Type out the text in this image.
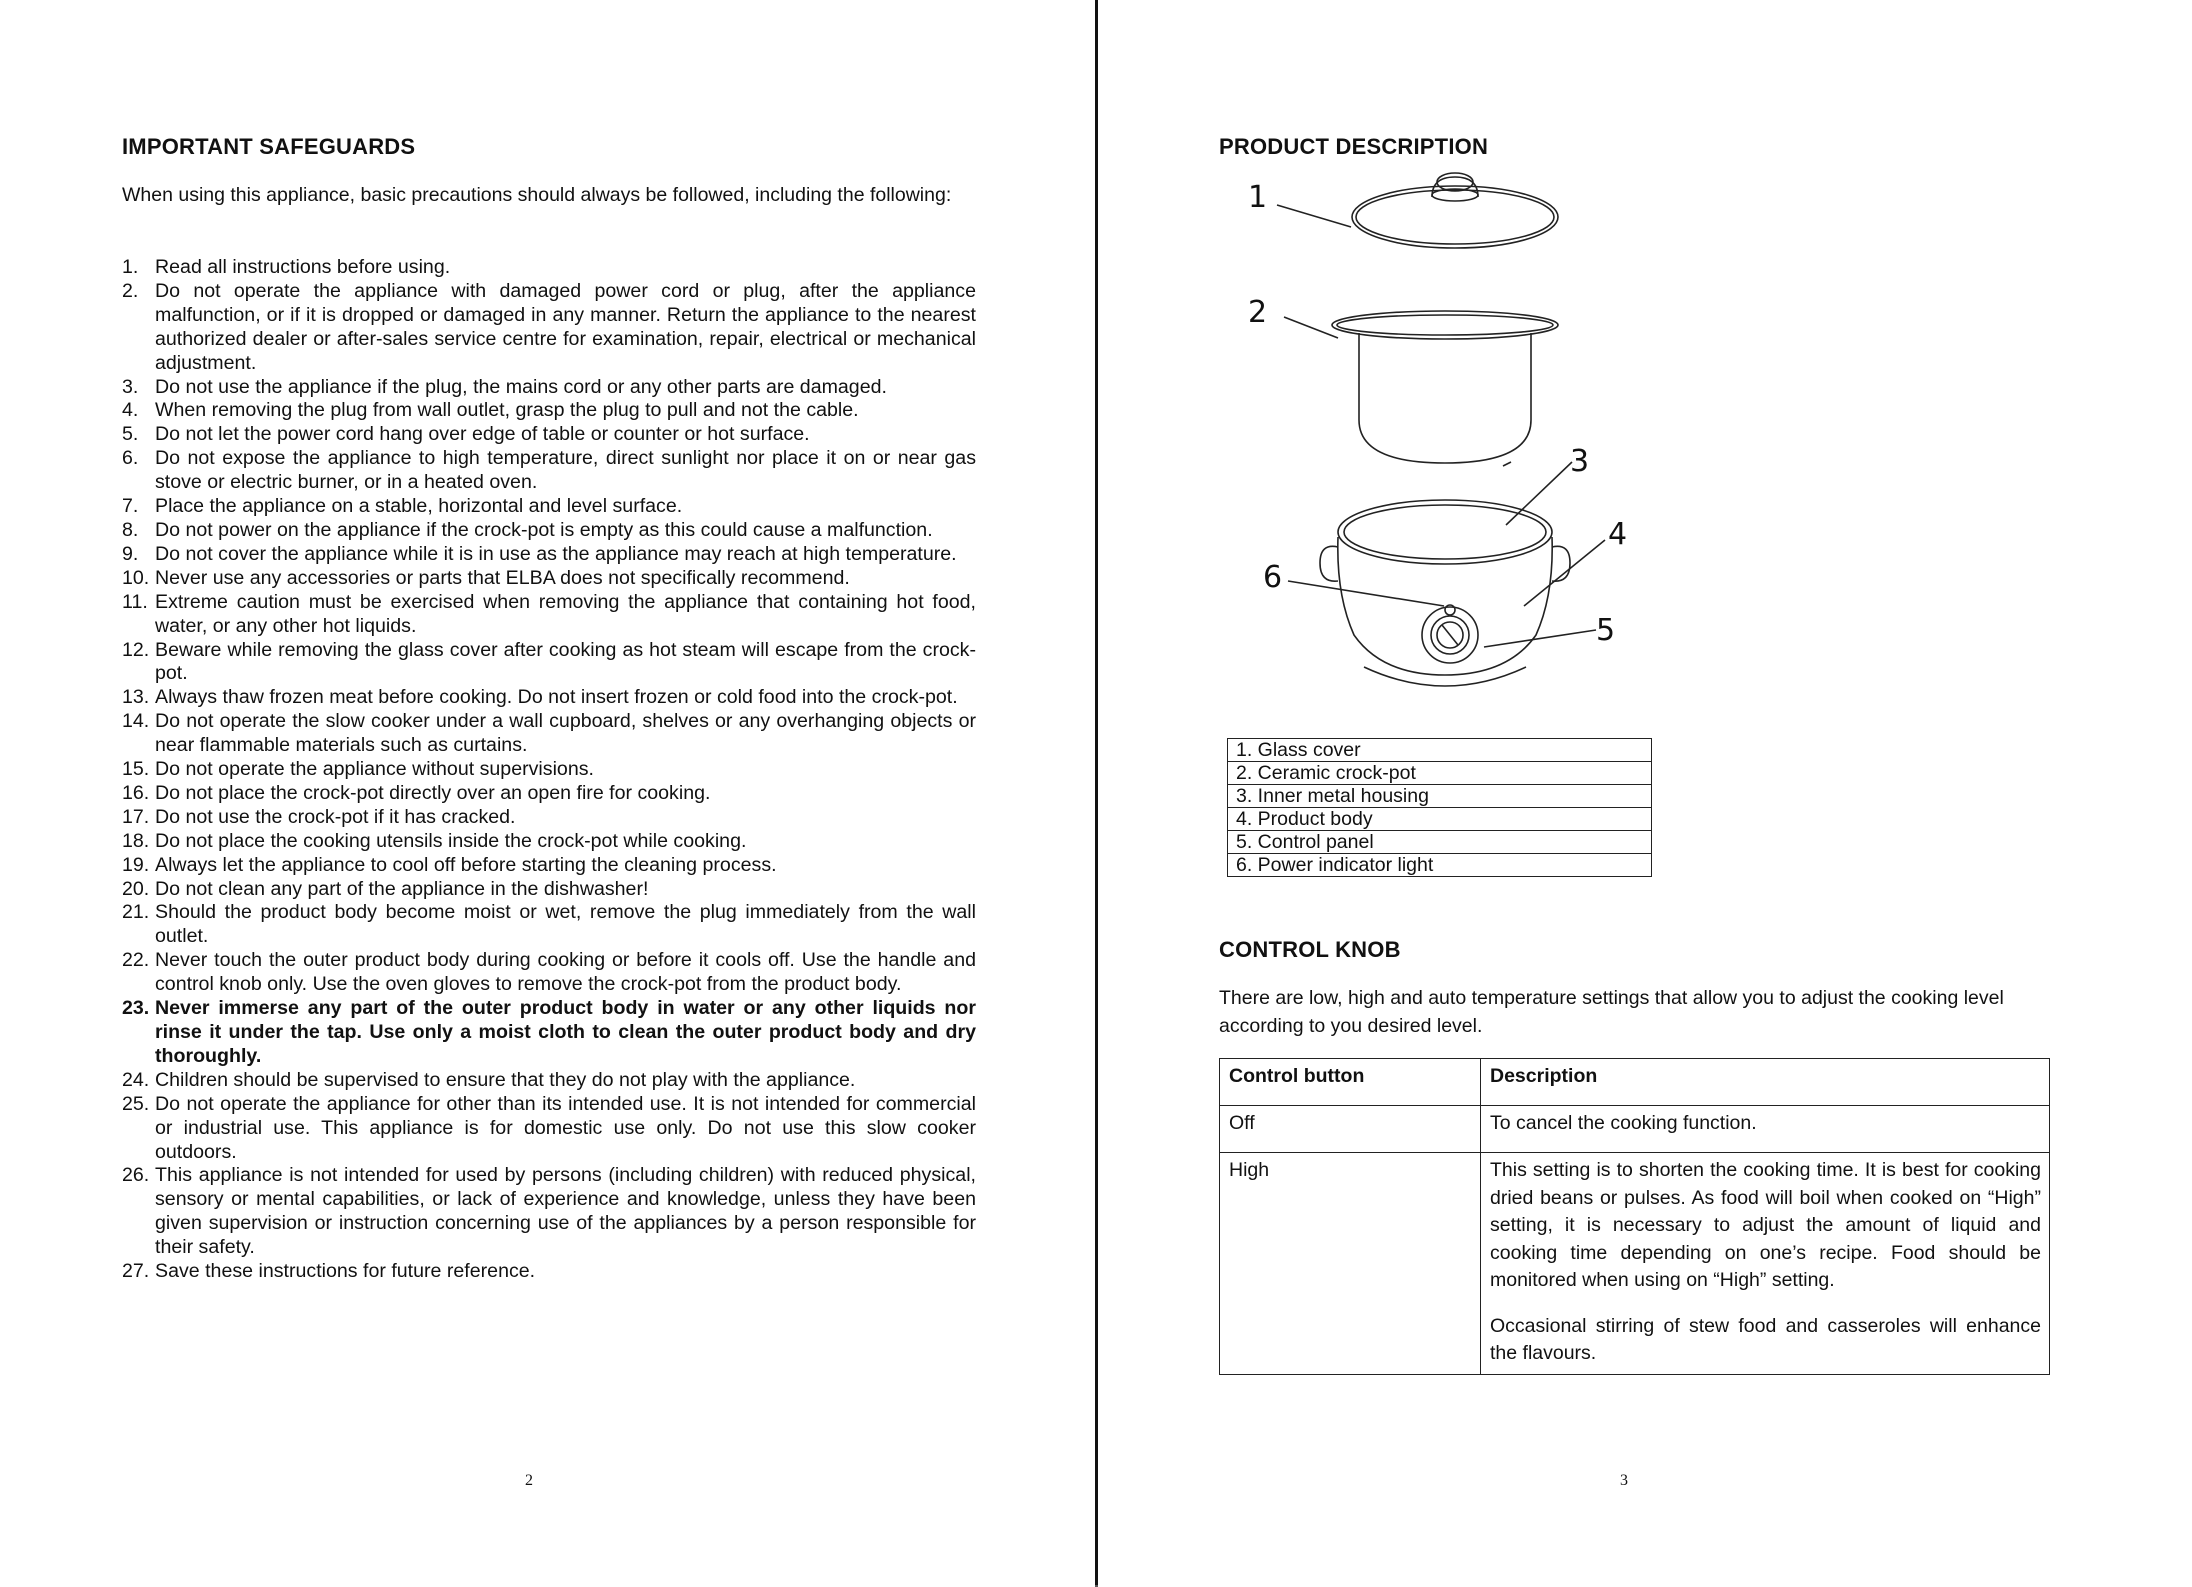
IMPORTANT SAFEGUARDS

When using this appliance, basic precautions should always be followed, including the following:

1. Read all instructions before using.
2. Do not operate the appliance with damaged power cord or plug, after the appliance malfunction, or if it is dropped or damaged in any manner. Return the appliance to the nearest authorized dealer or after-sales service centre for examination, repair, electrical or mechanical adjustment.
3. Do not use the appliance if the plug, the mains cord or any other parts are damaged.
4. When removing the plug from wall outlet, grasp the plug to pull and not the cable.
5. Do not let the power cord hang over edge of table or counter or hot surface.
6. Do not expose the appliance to high temperature, direct sunlight nor place it on or near gas stove or electric burner, or in a heated oven.
7. Place the appliance on a stable, horizontal and level surface.
8. Do not power on the appliance if the crock-pot is empty as this could cause a malfunction.
9. Do not cover the appliance while it is in use as the appliance may reach at high temperature.
10. Never use any accessories or parts that ELBA does not specifically recommend.
11. Extreme caution must be exercised when removing the appliance that containing hot food, water, or any other hot liquids.
12. Beware while removing the glass cover after cooking as hot steam will escape from the crock-pot.
13. Always thaw frozen meat before cooking. Do not insert frozen or cold food into the crock-pot.
14. Do not operate the slow cooker under a wall cupboard, shelves or any overhanging objects or near flammable materials such as curtains.
15. Do not operate the appliance without supervisions.
16. Do not place the crock-pot directly over an open fire for cooking.
17. Do not use the crock-pot if it has cracked.
18. Do not place the cooking utensils inside the crock-pot while cooking.
19. Always let the appliance to cool off before starting the cleaning process.
20. Do not clean any part of the appliance in the dishwasher!
21. Should the product body become moist or wet, remove the plug immediately from the wall outlet.
22. Never touch the outer product body during cooking or before it cools off. Use the handle and control knob only. Use the oven gloves to remove the crock-pot from the product body.
23. Never immerse any part of the outer product body in water or any other liquids nor rinse it under the tap. Use only a moist cloth to clean the outer product body and dry thoroughly.
24. Children should be supervised to ensure that they do not play with the appliance.
25. Do not operate the appliance for other than its intended use. It is not intended for commercial or industrial use. This appliance is for domestic use only. Do not use this slow cooker outdoors.
26. This appliance is not intended for used by persons (including children) with reduced physical, sensory or mental capabilities, or lack of experience and knowledge, unless they have been given supervision or instruction concerning use of the appliances by a person responsible for their safety.
27. Save these instructions for future reference.
2
PRODUCT DESCRIPTION
1
2
3
4
5
6
1. Glass cover
2. Ceramic crock-pot
3. Inner metal housing
4. Product body
5. Control panel
6. Power indicator light
CONTROL KNOB

There are low, high and auto temperature settings that allow you to adjust the cooking level according to you desired level.

Control button	Description
Off	To cancel the cooking function.

High	This setting is to shorten the cooking time. It is best for cooking dried beans or pulses. As food will boil when cooked on “High” setting, it is necessary to adjust the amount of liquid and cooking time depending on one’s recipe. Food should be monitored when using on “High” setting.

Occasional stirring of stew food and casseroles will enhance the flavours.

3
